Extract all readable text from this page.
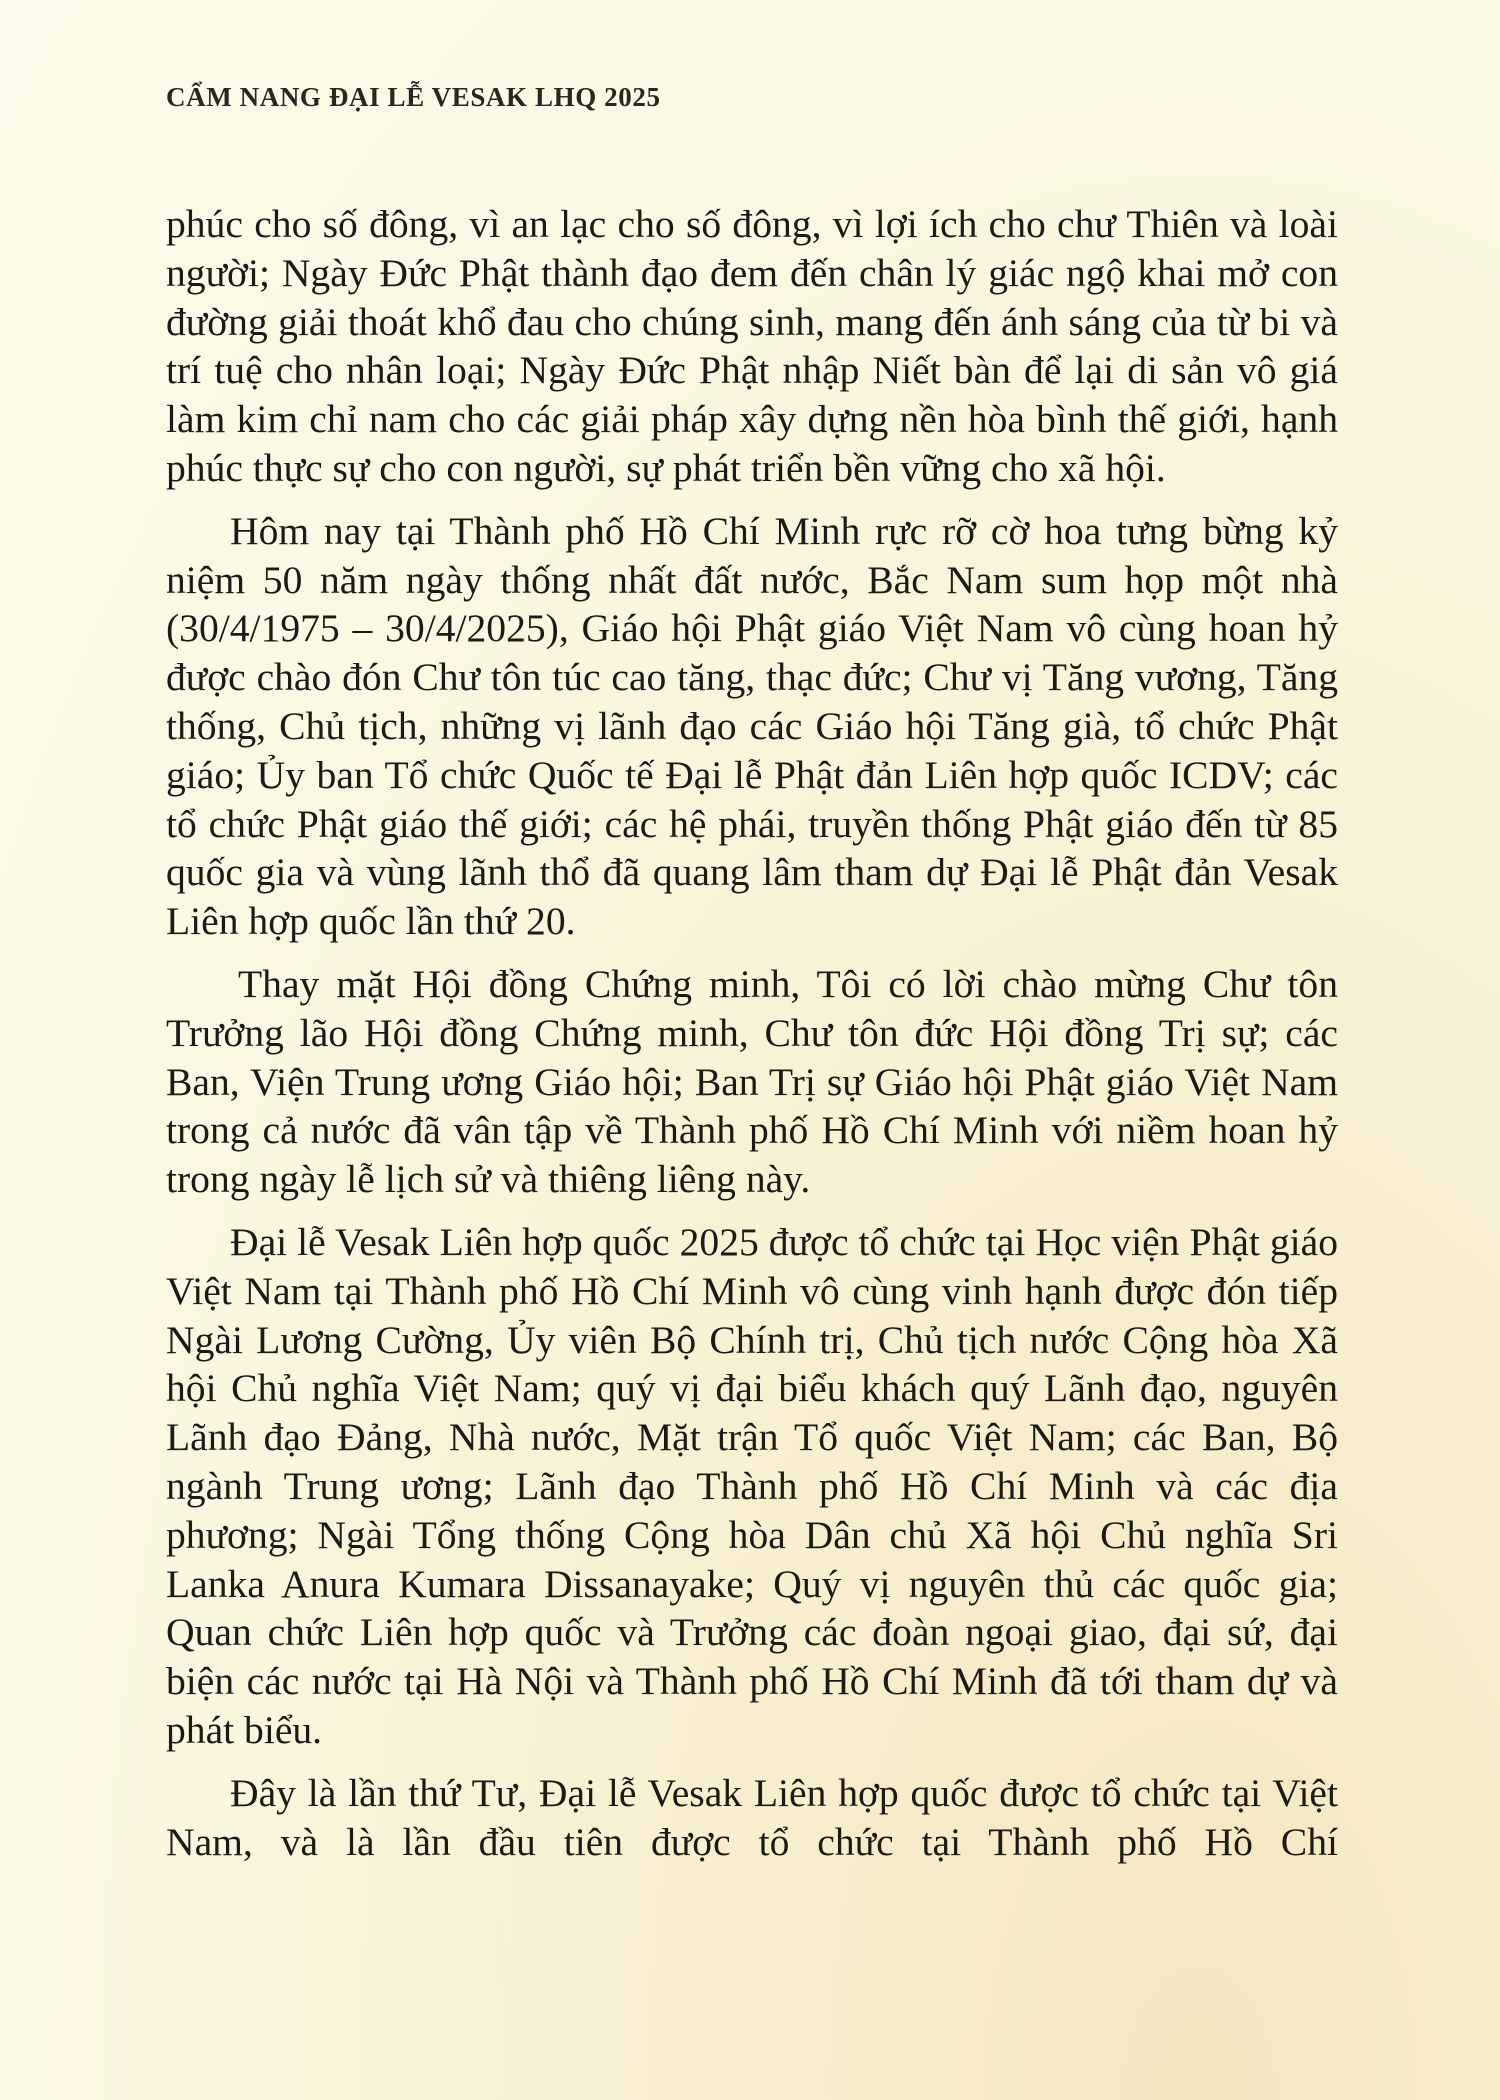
CẨM NANG ĐẠI LỄ VESAK LHQ 2025

phúc cho số đông, vì an lạc cho số đông, vì lợi ích cho chư Thiên và loài người; Ngày Đức Phật thành đạo đem đến chân lý giác ngộ khai mở con đường giải thoát khổ đau cho chúng sinh, mang đến ánh sáng của từ bi và trí tuệ cho nhân loại; Ngày Đức Phật nhập Niết bàn để lại di sản vô giá làm kim chỉ nam cho các giải pháp xây dựng nền hòa bình thế giới, hạnh phúc thực sự cho con người, sự phát triển bền vững cho xã hội.

Hôm nay tại Thành phố Hồ Chí Minh rực rỡ cờ hoa tưng bừng kỷ niệm 50 năm ngày thống nhất đất nước, Bắc Nam sum họp một nhà (30/4/1975 – 30/4/2025), Giáo hội Phật giáo Việt Nam vô cùng hoan hỷ được chào đón Chư tôn túc cao tăng, thạc đức; Chư vị Tăng vương, Tăng thống, Chủ tịch, những vị lãnh đạo các Giáo hội Tăng già, tổ chức Phật giáo; Ủy ban Tổ chức Quốc tế Đại lễ Phật đản Liên hợp quốc ICDV; các tổ chức Phật giáo thế giới; các hệ phái, truyền thống Phật giáo đến từ 85 quốc gia và vùng lãnh thổ đã quang lâm tham dự Đại lễ Phật đản Vesak Liên hợp quốc lần thứ 20.

Thay mặt Hội đồng Chứng minh, Tôi có lời chào mừng Chư tôn Trưởng lão Hội đồng Chứng minh, Chư tôn đức Hội đồng Trị sự; các Ban, Viện Trung ương Giáo hội; Ban Trị sự Giáo hội Phật giáo Việt Nam trong cả nước đã vân tập về Thành phố Hồ Chí Minh với niềm hoan hỷ trong ngày lễ lịch sử và thiêng liêng này.

Đại lễ Vesak Liên hợp quốc 2025 được tổ chức tại Học viện Phật giáo Việt Nam tại Thành phố Hồ Chí Minh vô cùng vinh hạnh được đón tiếp Ngài Lương Cường, Ủy viên Bộ Chính trị, Chủ tịch nước Cộng hòa Xã hội Chủ nghĩa Việt Nam; quý vị đại biểu khách quý Lãnh đạo, nguyên Lãnh đạo Đảng, Nhà nước, Mặt trận Tổ quốc Việt Nam; các Ban, Bộ ngành Trung ương; Lãnh đạo Thành phố Hồ Chí Minh và các địa phương; Ngài Tổng thống Cộng hòa Dân chủ Xã hội Chủ nghĩa Sri Lanka Anura Kumara Dissanayake; Quý vị nguyên thủ các quốc gia; Quan chức Liên hợp quốc và Trưởng các đoàn ngoại giao, đại sứ, đại biện các nước tại Hà Nội và Thành phố Hồ Chí Minh đã tới tham dự và phát biểu.

Đây là lần thứ Tư, Đại lễ Vesak Liên hợp quốc được tổ chức tại Việt Nam, và là lần đầu tiên được tổ chức tại Thành phố Hồ Chí
